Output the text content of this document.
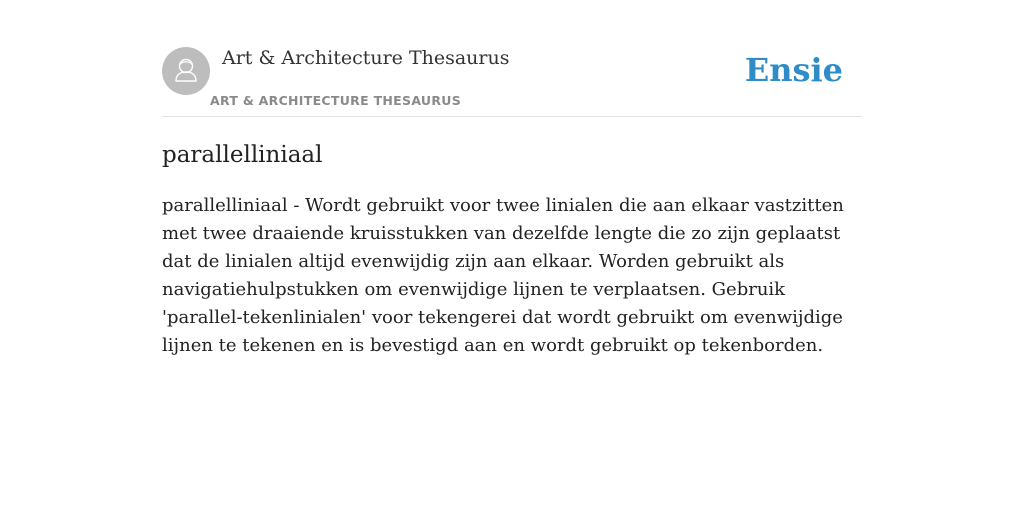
Art & Architecture Thesaurus
ART & ARCHITECTURE THESAURUS
Ensie
parallelliniaal

parallelliniaal - Wordt gebruikt voor twee linialen die aan elkaar vastzitten met twee draaiende kruisstukken van dezelfde lengte die zo zijn geplaatst dat de linialen altijd evenwijdig zijn aan elkaar. Worden gebruikt als navigatiehulpstukken om evenwijdige lijnen te verplaatsen. Gebruik 'parallel-tekenlinialen' voor tekengerei dat wordt gebruikt om evenwijdige lijnen te tekenen en is bevestigd aan en wordt gebruikt op tekenborden.
